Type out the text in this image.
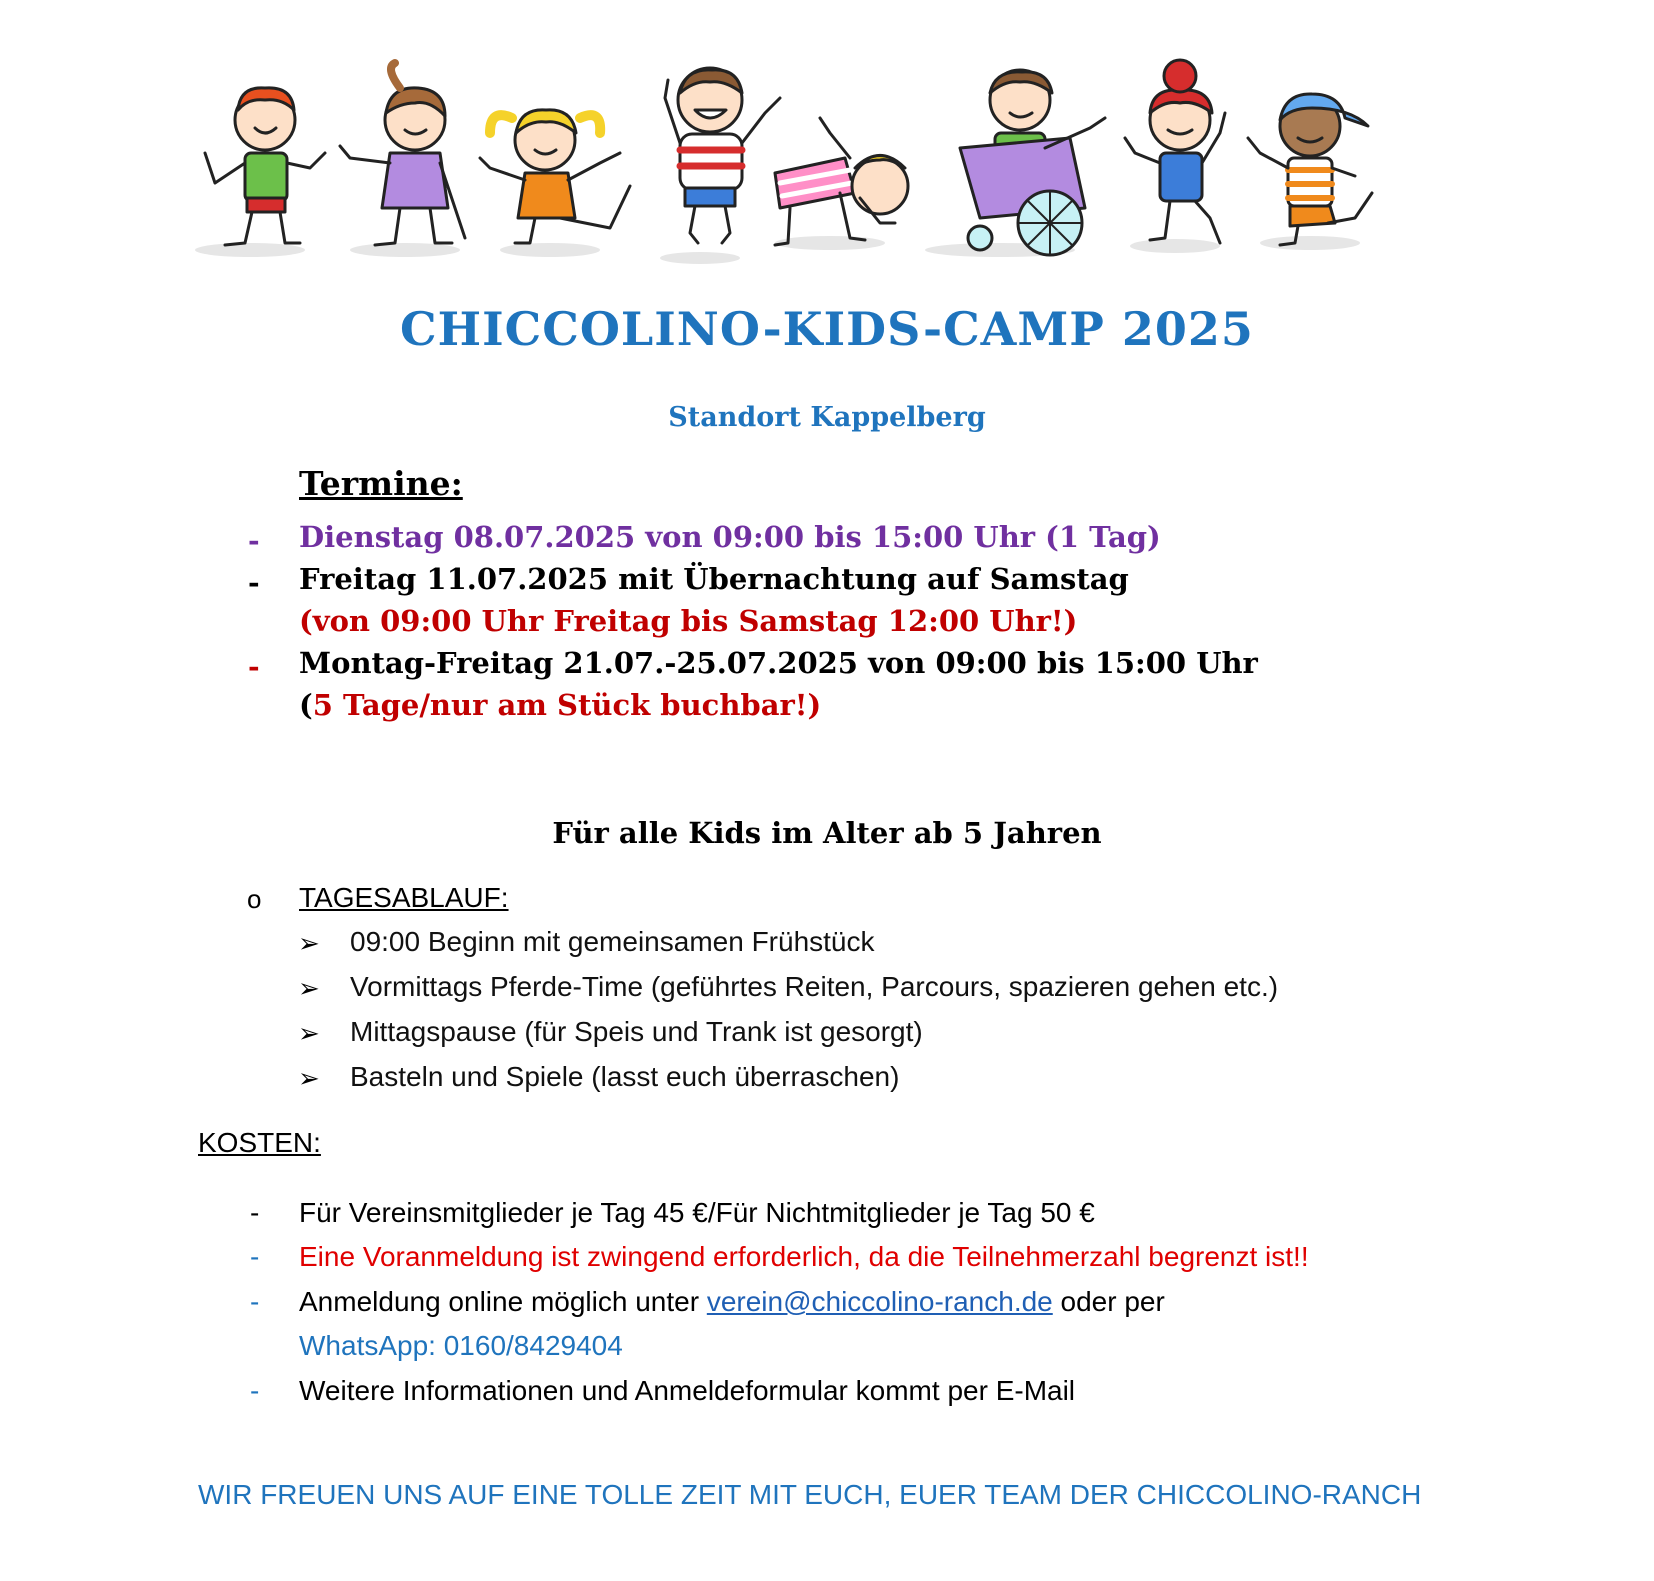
CHICCOLINO-KIDS-CAMP 2025
Standort Kappelberg
Termine:
- Dienstag 08.07.2025 von 09:00 bis 15:00 Uhr (1 Tag)
- Freitag 11.07.2025 mit Übernachtung auf Samstag
(von 09:00 Uhr Freitag bis Samstag 12:00 Uhr!)
- Montag-Freitag 21.07.-25.07.2025 von 09:00 bis 15:00 Uhr
(5 Tage/nur am Stück buchbar!)
Für alle Kids im Alter ab 5 Jahren
o TAGESABLAUF:
➢ 09:00 Beginn mit gemeinsamen Frühstück
➢ Vormittags Pferde-Time (geführtes Reiten, Parcours, spazieren gehen etc.)
➢ Mittagspause (für Speis und Trank ist gesorgt)
➢ Basteln und Spiele (lasst euch überraschen)
KOSTEN:
- Für Vereinsmitglieder je Tag 45 €/Für Nichtmitglieder je Tag 50 €
- Eine Voranmeldung ist zwingend erforderlich, da die Teilnehmerzahl begrenzt ist!!
- Anmeldung online möglich unter verein@chiccolino-ranch.de oder per
WhatsApp: 0160/8429404
- Weitere Informationen und Anmeldeformular kommt per E-Mail
WIR FREUEN UNS AUF EINE TOLLE ZEIT MIT EUCH, EUER TEAM DER CHICCOLINO-RANCH
